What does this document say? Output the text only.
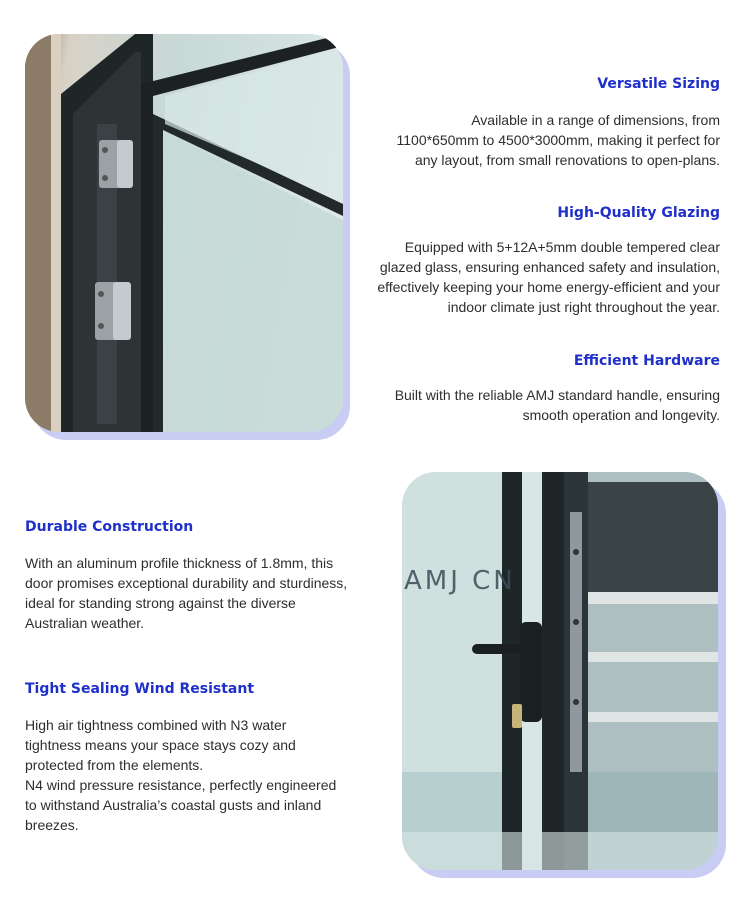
Versatile Sizing

Available in a range of dimensions, from
1100*650mm to 4500*3000mm, making it perfect for
any layout, from small renovations to open-plans.

High-Quality Glazing

Equipped with 5+12A+5mm double tempered clear
glazed glass, ensuring enhanced safety and insulation,
effectively keeping your home energy-efficient and your
indoor climate just right throughout the year.

Efficient Hardware

Built with the reliable AMJ standard handle, ensuring
smooth operation and longevity.

Durable Construction

With an aluminum profile thickness of 1.8mm, this
door promises exceptional durability and sturdiness,
ideal for standing strong against the diverse
Australian weather.

Tight Sealing Wind Resistant

High air tightness combined with N3 water
tightness means your space stays cozy and
protected from the elements.
N4 wind pressure resistance, perfectly engineered
to withstand Australia’s coastal gusts and inland
breezes.

AMJ CN
